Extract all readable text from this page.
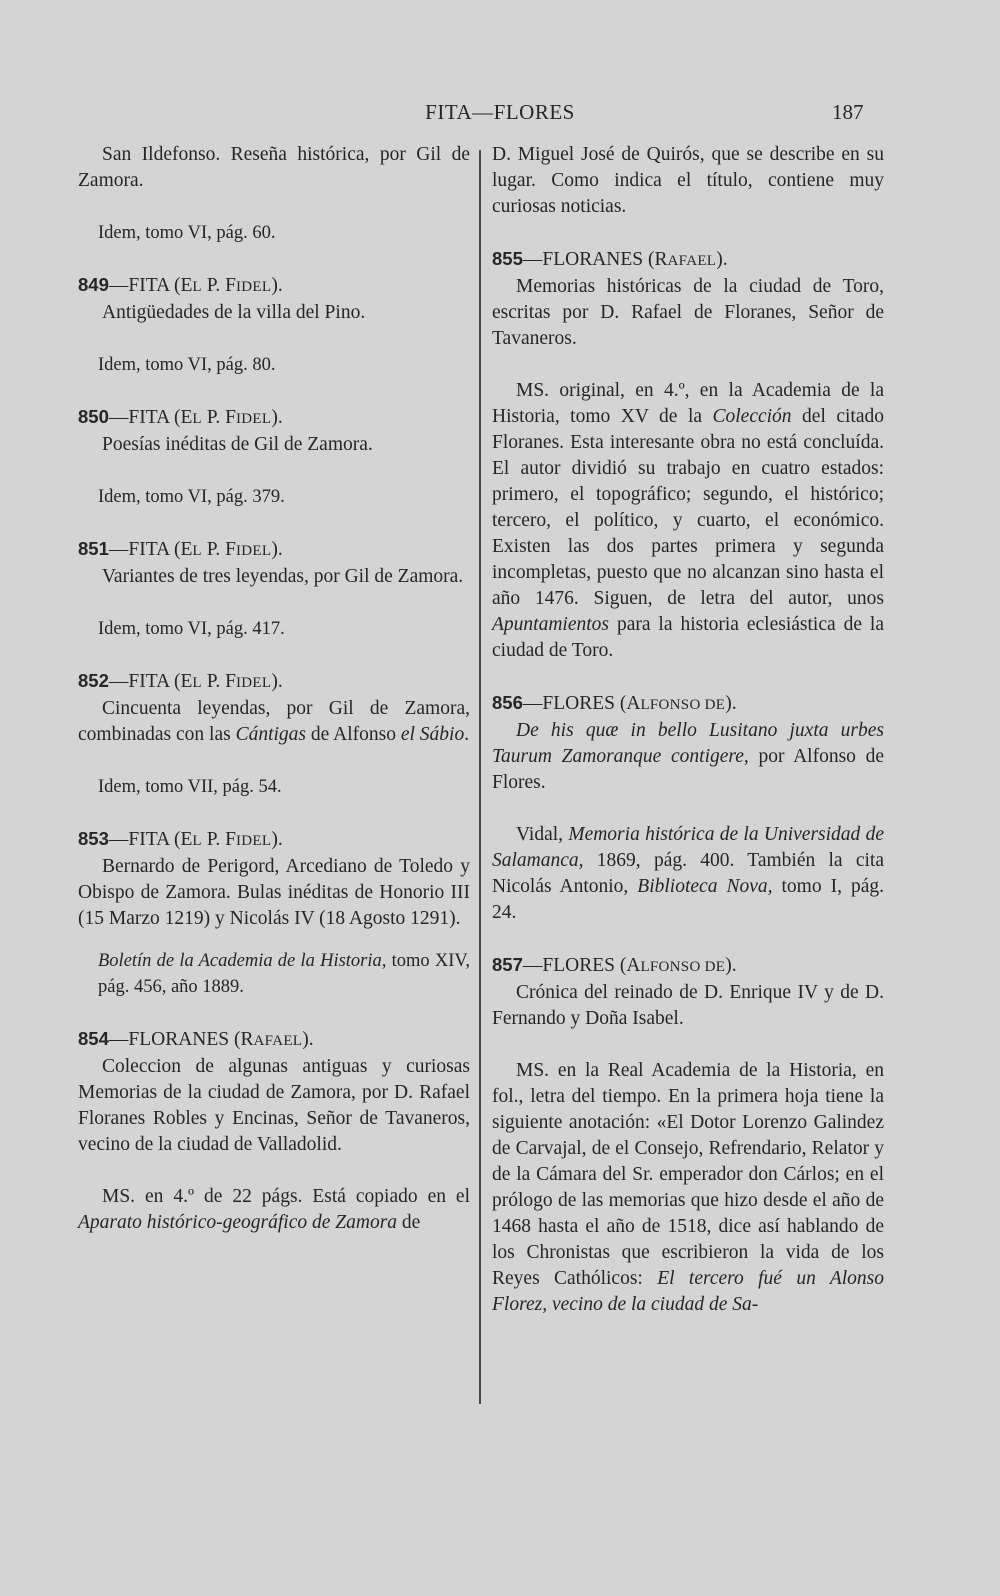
FITA—FLORES	187

San Ildefonso. Reseña histórica, por Gil de Zamora.

Idem, tomo VI, pág. 60.

849—FITA (EL P. FIDEL).

Antigüedades de la villa del Pino.

Idem, tomo VI, pág. 80.

850—FITA (EL P. FIDEL).

Poesías inéditas de Gil de Zamora.

Idem, tomo VI, pág. 379.

851—FITA (EL P. FIDEL).

Variantes de tres leyendas, por Gil de Zamora.

Idem, tomo VI, pág. 417.

852—FITA (EL P. FIDEL).

Cincuenta leyendas, por Gil de Zamora, combinadas con las Cántigas de Alfonso el Sábio.

Idem, tomo VII, pág. 54.

853—FITA (EL P. FIDEL).

Bernardo de Perigord, Arcediano de Toledo y Obispo de Zamora. Bulas inéditas de Honorio III (15 Marzo 1219) y Nicolás IV (18 Agosto 1291).

Boletín de la Academia de la Historia, tomo XIV, pág. 456, año 1889.

854—FLORANES (RAFAEL).

Coleccion de algunas antiguas y curiosas Memorias de la ciudad de Zamora, por D. Rafael Floranes Robles y Encinas, Señor de Tavaneros, vecino de la ciudad de Valladolid.

MS. en 4.º de 22 págs. Está copiado en el Aparato histórico-geográfico de Zamora de

D. Miguel José de Quirós, que se describe en su lugar. Como indica el título, contiene muy curiosas noticias.

855—FLORANES (RAFAEL).

Memorias históricas de la ciudad de Toro, escritas por D. Rafael de Floranes, Señor de Tavaneros.

MS. original, en 4.º, en la Academia de la Historia, tomo XV de la Colección del citado Floranes. Esta interesante obra no está concluída. El autor dividió su trabajo en cuatro estados: primero, el topográfico; segundo, el histórico; tercero, el político, y cuarto, el económico. Existen las dos partes primera y segunda incompletas, puesto que no alcanzan sino hasta el año 1476. Siguen, de letra del autor, unos Apuntamientos para la historia eclesiástica de la ciudad de Toro.

856—FLORES (ALFONSO DE).

De his quæ in bello Lusitano juxta urbes Taurum Zamoranque contigere, por Alfonso de Flores.

Vidal, Memoria histórica de la Universidad de Salamanca, 1869, pág. 400. También la cita Nicolás Antonio, Biblioteca Nova, tomo I, pág. 24.

857—FLORES (ALFONSO DE).

Crónica del reinado de D. Enrique IV y de D. Fernando y Doña Isabel.

MS. en la Real Academia de la Historia, en fol., letra del tiempo. En la primera hoja tiene la siguiente anotación: «El Dotor Lorenzo Galindez de Carvajal, de el Consejo, Refrendario, Relator y de la Cámara del Sr. emperador don Cárlos; en el prólogo de las memorias que hizo desde el año de 1468 hasta el año de 1518, dice así hablando de los Chronistas que escribieron la vida de los Reyes Cathólicos: El tercero fué un Alonso Florez, vecino de la ciudad de Sa-
